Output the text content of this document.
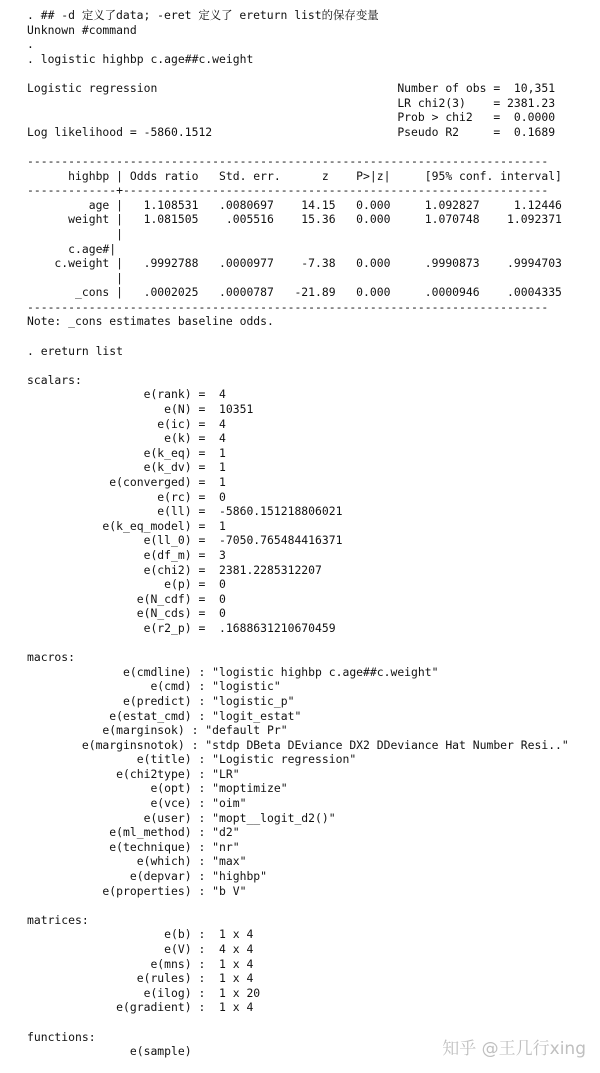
. ## -d 定义了data; -eret 定义了 ereturn list的保存变量
Unknown #command
.
. logistic highbp c.age##c.weight
Logistic regression                                   Number of obs =  10,351
LR chi2(3)    = 2381.23
Prob > chi2   =  0.0000
Log likelihood = -5860.1512                           Pseudo R2     =  0.1689
----------------------------------------------------------------------------
highbp | Odds ratio   Std. err.      z    P>|z|     [95% conf. interval]
-------------+--------------------------------------------------------------
age |   1.108531   .0080697    14.15   0.000     1.092827     1.12446
weight |   1.081505    .005516    15.36   0.000     1.070748    1.092371
|
c.age#|
c.weight |   .9992788   .0000977    -7.38   0.000     .9990873    .9994703
|
_cons |   .0002025   .0000787   -21.89   0.000     .0000946    .0004335
----------------------------------------------------------------------------
Note: _cons estimates baseline odds.
. ereturn list
scalars:
e(rank) =  4
e(N) =  10351
e(ic) =  4
e(k) =  4
e(k_eq) =  1
e(k_dv) =  1
e(converged) =  1
e(rc) =  0
e(ll) =  -5860.151218806021
e(k_eq_model) =  1
e(ll_0) =  -7050.765484416371
e(df_m) =  3
e(chi2) =  2381.2285312207
e(p) =  0
e(N_cdf) =  0
e(N_cds) =  0
e(r2_p) =  .1688631210670459
macros:
e(cmdline) : "logistic highbp c.age##c.weight"
e(cmd) : "logistic"
e(predict) : "logistic_p"
e(estat_cmd) : "logit_estat"
e(marginsok) : "default Pr"
e(marginsnotok) : "stdp DBeta DEviance DX2 DDeviance Hat Number Resi.."
e(title) : "Logistic regression"
e(chi2type) : "LR"
e(opt) : "moptimize"
e(vce) : "oim"
e(user) : "mopt__logit_d2()"
e(ml_method) : "d2"
e(technique) : "nr"
e(which) : "max"
e(depvar) : "highbp"
e(properties) : "b V"
matrices:
e(b) :  1 x 4
e(V) :  4 x 4
e(mns) :  1 x 4
e(rules) :  1 x 4
e(ilog) :  1 x 20
e(gradient) :  1 x 4
functions:
e(sample)	知乎 @王几行xing
